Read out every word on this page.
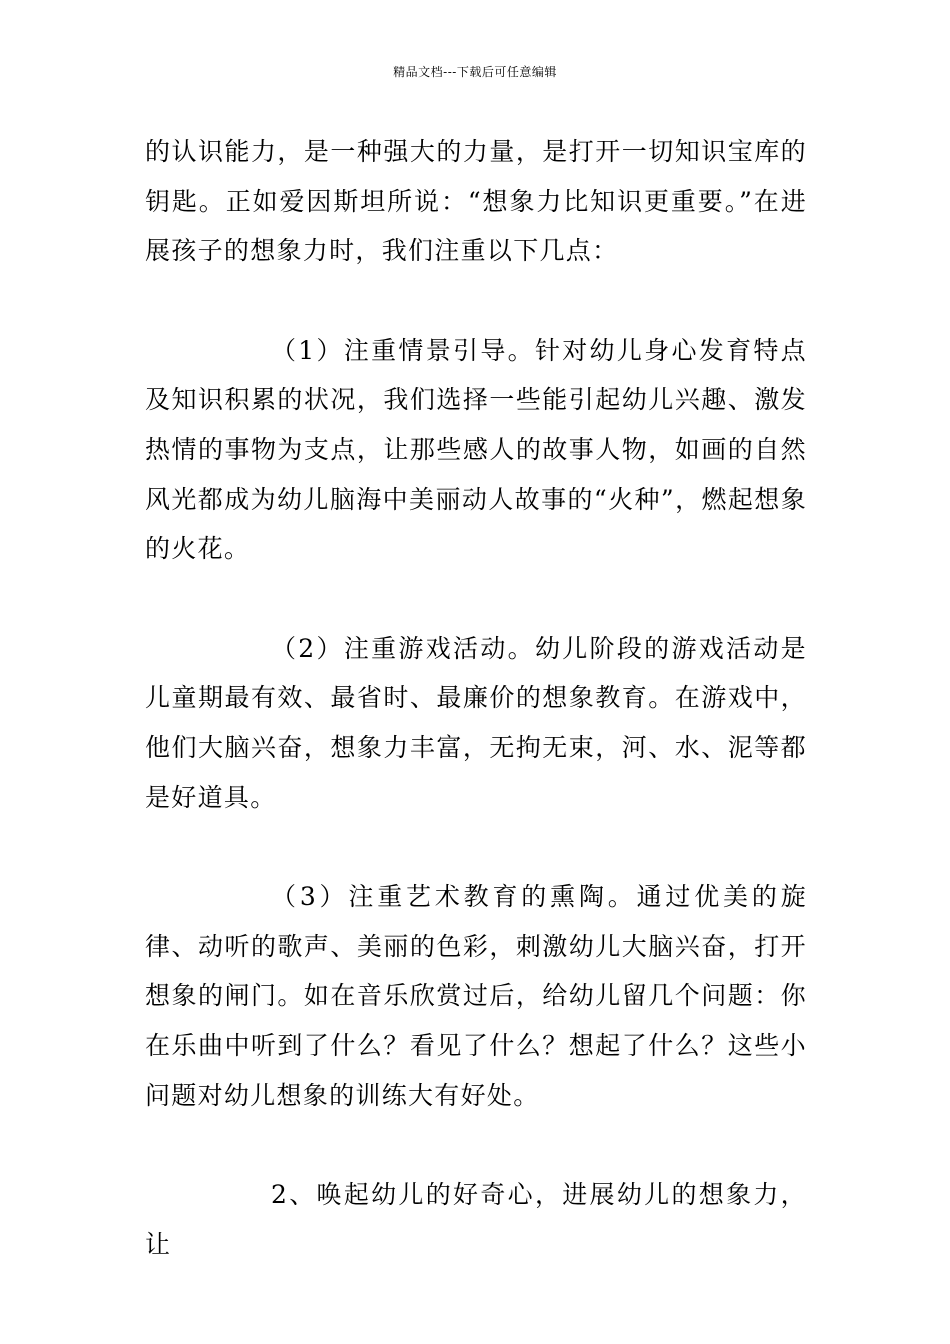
精品文档---下载后可任意编辑

的认识能力，是一种强大的力量，是打开一切知识宝库的钥匙。正如爱因斯坦所说：“想象力比知识更重要。”在进展孩子的想象力时，我们注重以下几点：

（1）注重情景引导。针对幼儿身心发育特点及知识积累的状况，我们选择一些能引起幼儿兴趣、激发热情的事物为支点，让那些感人的故事人物，如画的自然风光都成为幼儿脑海中美丽动人故事的“火种”，燃起想象的火花。

（2）注重游戏活动。幼儿阶段的游戏活动是儿童期最有效、最省时、最廉价的想象教育。在游戏中，他们大脑兴奋，想象力丰富，无拘无束，河、水、泥等都是好道具。

（3）注重艺术教育的熏陶。通过优美的旋律、动听的歌声、美丽的色彩，刺激幼儿大脑兴奋，打开想象的闸门。如在音乐欣赏过后，给幼儿留几个问题：你在乐曲中听到了什么？看见了什么？想起了什么？这些小问题对幼儿想象的训练大有好处。

2、唤起幼儿的好奇心，进展幼儿的想象力，让
